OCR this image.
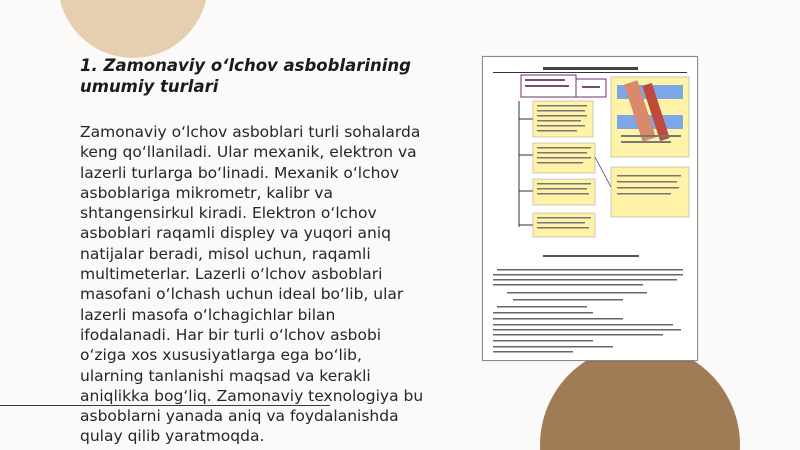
1. Zamonaviy o‘lchov asboblarining umumiy turlari
Zamonaviy o‘lchov asboblari turli sohalarda keng qo‘llaniladi. Ular mexanik, elektron va lazerli turlarga bo‘linadi. Mexanik o‘lchov asboblariga mikrometr, kalibr va shtangensirkul kiradi. Elektron o‘lchov asboblari raqamli displey va yuqori aniq natijalar beradi, misol uchun, raqamli multimeterlar. Lazerli o‘lchov asboblari masofani o‘lchash uchun ideal bo‘lib, ular lazerli masofa o‘lchagichlar bilan ifodalanadi. Har bir turli o‘lchov asbobi o‘ziga xos xususiyatlarga ega bo‘lib, ularning tanlanishi maqsad va kerakli aniqlikka bog‘liq. Zamonaviy texnologiya bu asboblarni yanada aniq va foydalanishda qulay qilib yaratmoqda.
